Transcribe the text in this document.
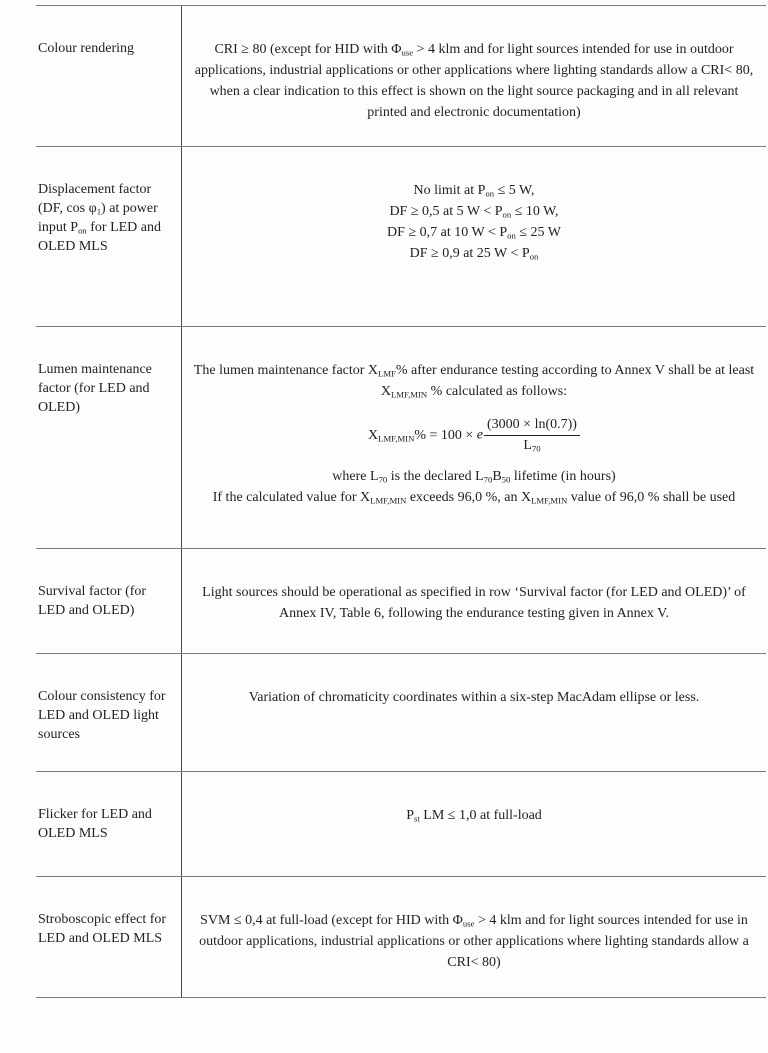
Colour rendering	CRI ≥ 80 (except for HID with $\Phi_{use} > 4$ klm and for light sources intended for use in outdoor applications, industrial applications or other applications where lighting standards allow a CRI< 80, when a clear indication to this effect is shown on the light source packaging and in all relevant printed and electronic documentation)

Displacement factor (DF, $\cos \varphi_1$) at power input $P_{on}$ for LED and OLED MLS

No limit at $P_{on} \le 5$ W,

DF ≥ 0,5 at 5 $W < P_{on} \le 10$ W,

DF ≥ 0,7 at 10 $W < P_{on} \le 25$ W

DF ≥ 0,9 at 25 $W < P_{on}$

Lumen maintenance factor (for LED and OLED)

The lumen maintenance factor $X_{LMF}\%$ after endurance testing according to Annex V shall be at least $X_{LMF,MIN}$ % calculated as follows:

$X_{LMF,MIN}\% = 100 \times e \frac{(3000 \times \ln(0.7))}{L_{70}}$

where $L_{70}$ is the declared $L_{70}B_{50}$ lifetime (in hours)

If the calculated value for $X_{LMF,MIN}$ exceeds 96,0 %, an $X_{LMF,MIN}$ value of 96,0 % shall be used

Survival factor (for LED and OLED)

Light sources should be operational as specified in row ‘Survival factor (for LED and OLED)’ of Annex IV, Table 6, following the endurance testing given in Annex V.

Colour consistency for LED and OLED light sources

Variation of chromaticity coordinates within a six-step MacAdam ellipse or less.

Flicker for LED and OLED MLS

$P_{st}$ LM ≤ 1,0 at full-load

Stroboscopic effect for LED and OLED MLS

SVM ≤ 0,4 at full-load (except for HID with $\Phi_{use} > 4$ klm and for light sources intended for use in outdoor applications, industrial applications or other applications where lighting standards allow a CRI< 80)
